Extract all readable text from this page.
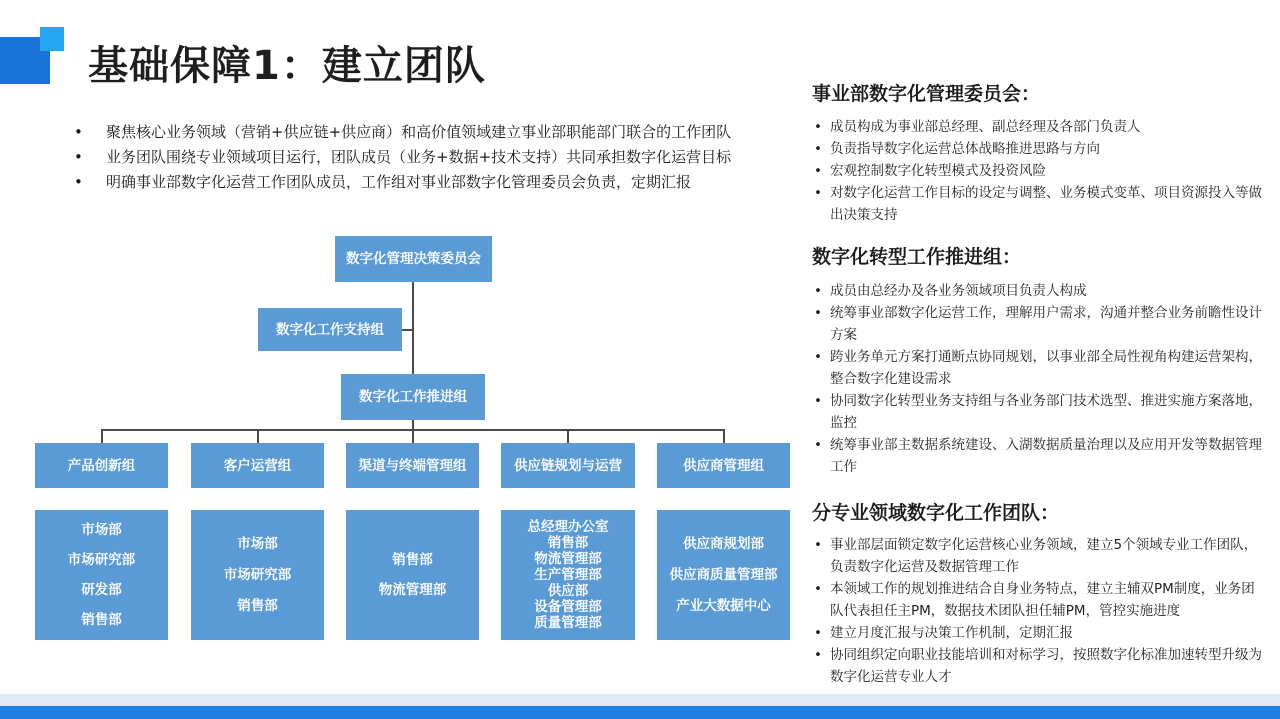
基础保障1：建立团队
• 聚焦核心业务领域（营销+供应链+供应商）和高价值领域建立事业部职能部门联合的工作团队
• 业务团队围绕专业领域项目运行，团队成员（业务+数据+技术支持）共同承担数字化运营目标
• 明确事业部数字化运营工作团队成员，工作组对事业部数字化管理委员会负责，定期汇报
数字化管理决策委员会
数字化工作支持组
数字化工作推进组
产品创新组	客户运营组	渠道与终端管理组	供应链规划与运营	供应商管理组
市场部
市场研究部
研发部
销售部
市场部
市场研究部
销售部
销售部
物流管理部
总经理办公室
销售部
物流管理部
生产管理部
供应部
设备管理部
质量管理部
供应商规划部
供应商质量管理部
产业大数据中心
事业部数字化管理委员会：
• 成员构成为事业部总经理、副总经理及各部门负责人
• 负责指导数字化运营总体战略推进思路与方向
• 宏观控制数字化转型模式及投资风险
• 对数字化运营工作目标的设定与调整、业务模式变革、项目资源投入等做出决策支持
数字化转型工作推进组：
• 成员由总经办及各业务领域项目负责人构成
• 统筹事业部数字化运营工作，理解用户需求，沟通并整合业务前瞻性设计方案
• 跨业务单元方案打通断点协同规划，以事业部全局性视角构建运营架构，整合数字化建设需求
• 协同数字化转型业务支持组与各业务部门技术选型、推进实施方案落地，监控
• 统筹事业部主数据系统建设、入湖数据质量治理以及应用开发等数据管理工作
分专业领域数字化工作团队：
• 事业部层面锁定数字化运营核心业务领域，建立5个领域专业工作团队，负责数字化运营及数据管理工作
• 本领域工作的规划推进结合自身业务特点，建立主辅双PM制度，业务团队代表担任主PM，数据技术团队担任辅PM，管控实施进度
• 建立月度汇报与决策工作机制，定期汇报
• 协同组织定向职业技能培训和对标学习，按照数字化标准加速转型升级为数字化运营专业人才
